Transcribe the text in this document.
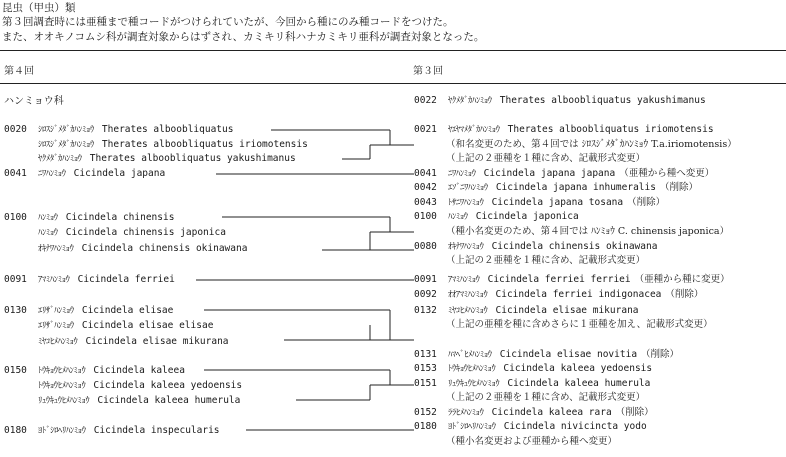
昆虫（甲虫）類
第３回調査時には亜種まで種コードがつけられていたが、今回から種にのみ種コードをつけた。
また、オオキノコムシ科が調査対象からはずされ、カミキリ科ハナカミキリ亜科が調査対象となった。
第４回	第３回
ハンミョウ科
0020 ｼﾛｽｼﾞﾒﾀﾞｶﾊﾝﾐｮｳ Therates alboobliquatus
ｼﾛｽｼﾞﾒﾀﾞｶﾊﾝﾐｮｳ Therates alboobliquatus iriomotensis
ﾔｸﾒﾀﾞｶﾊﾝﾐｮｳ Therates alboobliquatus yakushimanus
0041 ﾆﾜﾊﾝﾐｮｳ Cicindela japana
0100 ﾊﾝﾐｮｳ Cicindela chinensis
ﾊﾝﾐｮｳ Cicindela chinensis japonica
ｵｷﾅﾜﾊﾝﾐｮｳ Cicindela chinensis okinawana
0091 ｱﾏﾐﾊﾝﾐｮｳ Cicindela ferriei
0130 ｴﾘｻﾞﾊﾝﾐｮｳ Cicindela elisae
ｴﾘｻﾞﾊﾝﾐｮｳ Cicindela elisae elisae
ﾐﾔｺﾋﾒﾊﾝﾐｮｳ Cicindela elisae mikurana
0150 ﾄｳｷｮｳﾋﾒﾊﾝﾐｮｳ Cicindela kaleea
ﾄｳｷｮｳﾋﾒﾊﾝﾐｮｳ Cicindela kaleea yedoensis
ﾘｭｳｷｭｳﾋﾒﾊﾝﾐｮｳ Cicindela kaleea humerula
0180 ﾖﾄﾞｼﾛﾍﾘﾊﾝﾐｮｳ Cicindela inspecularis
0022 ﾔｸﾒﾀﾞｶﾊﾝﾐｮｳ Therates alboobliquatus yakushimanus
0021 ﾔｴﾔﾏﾒﾀﾞｶﾊﾝﾐｮｳ Therates alboobliquatus iriomotensis
（和名変更のため、第４回では ｼﾛｽｼﾞﾒﾀﾞｶﾊﾝﾐｮｳ T.a.iriomotensis）
（上記の２亜種を１種に含め、記載形式変更）
0041 ﾆﾜﾊﾝﾐｮｳ Cicindela japana japana （亜種から種へ変更）
0042 ｴｿﾞﾆﾜﾊﾝﾐｮｳ Cicindela japana inhumeralis （削除）
0043 ﾄｻﾆﾜﾊﾝﾐｮｳ Cicindela japana tosana （削除）
0100 ﾊﾝﾐｮｳ Cicindela japonica
（種小名変更のため、第４回では ﾊﾝﾐｮｳ C. chinensis japonica）
0080 ｵｷﾅﾜﾊﾝﾐｮｳ Cicindela chinensis okinawana
（上記の２亜種を１種に含め、記載形式変更）
0091 ｱﾏﾐﾊﾝﾐｮｳ Cicindela ferriei ferriei （亜種から種に変更）
0092 ｵｵｱﾏﾐﾊﾝﾐｮｳ Cicindela ferriei indigonacea （削除）
0132 ﾐﾔｺﾋﾒﾊﾝﾐｮｳ Cicindela elisae mikurana
（上記の亜種を種に含めさらに１亜種を加え、記載形式変更）
0131 ﾊﾏﾍﾞﾋﾒﾊﾝﾐｮｳ Cicindela elisae novitia （削除）
0153 ﾄｳｷｮｳﾋﾒﾊﾝﾐｮｳ Cicindela kaleea yedoensis
0151 ﾘｭｳｷｭｳﾋﾒﾊﾝﾐｮｳ Cicindela kaleea humerula
（上記の２亜種を１種に含め、記載形式変更）
0152 ﾗﾗﾋﾒﾊﾝﾐｮｳ Cicindela kaleea rara （削除）
0180 ﾖﾄﾞｼﾛﾍﾘﾊﾝﾐｮｳ Cicindela nivicincta yodo
（種小名変更および亜種から種へ変更）
